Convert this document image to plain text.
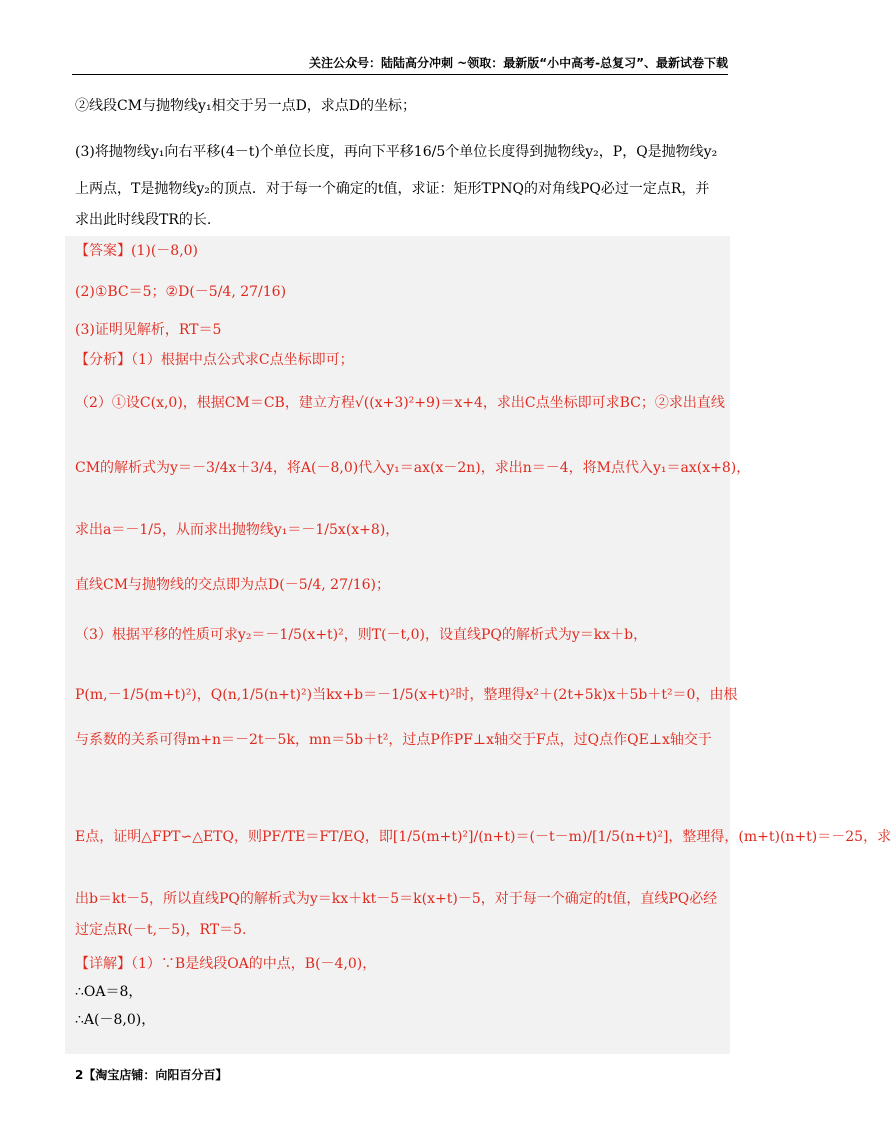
关注公众号：陆陆高分冲刺 ~领取：最新版“小中高考-总复习”、最新试卷下载
②线段CM与抛物线y₁相交于另一点D，求点D的坐标；
(3)将抛物线y₁向右平移(4－t)个单位长度，再向下平移16/5个单位长度得到抛物线y₂，P，Q是抛物线y₂
上两点，T是抛物线y₂的顶点．对于每一个确定的t值，求证：矩形TPNQ的对角线PQ必过一定点R，并
求出此时线段TR的长.
【答案】(1)(－8,0)
(2)①BC＝5；②D(－5/4, 27/16)
(3)证明见解析，RT＝5
【分析】（1）根据中点公式求C点坐标即可；
（2）①设C(x,0)，根据CM＝CB，建立方程√((x+3)²+9)＝x+4，求出C点坐标即可求BC；②求出直线
CM的解析式为y＝－3/4x＋3/4，将A(－8,0)代入y₁＝ax(x－2n)，求出n＝－4，将M点代入y₁＝ax(x+8)，
求出a＝－1/5，从而求出抛物线y₁＝－1/5x(x+8)，
直线CM与抛物线的交点即为点D(－5/4, 27/16)；
（3）根据平移的性质可求y₂＝－1/5(x+t)²，则T(－t,0)，设直线PQ的解析式为y＝kx＋b，
P(m,－1/5(m+t)²)，Q(n,1/5(n+t)²)当kx+b＝－1/5(x+t)²时，整理得x²＋(2t+5k)x＋5b＋t²＝0，由根
与系数的关系可得m+n＝－2t－5k，mn＝5b＋t²，过点P作PF⊥x轴交于F点，过Q点作QE⊥x轴交于
E点，证明△FPT∽△ETQ，则PF/TE＝FT/EQ，即[1/5(m+t)²]/(n+t)＝(－t－m)/[1/5(n+t)²]，整理得，(m+t)(n+t)＝－25，求
出b＝kt－5，所以直线PQ的解析式为y＝kx＋kt－5＝k(x+t)－5，对于每一个确定的t值，直线PQ必经
过定点R(－t,－5)，RT＝5.
【详解】（1）∵B是线段OA的中点，B(－4,0)，
∴OA＝8，
∴A(－8,0)，
2【淘宝店铺：向阳百分百】
